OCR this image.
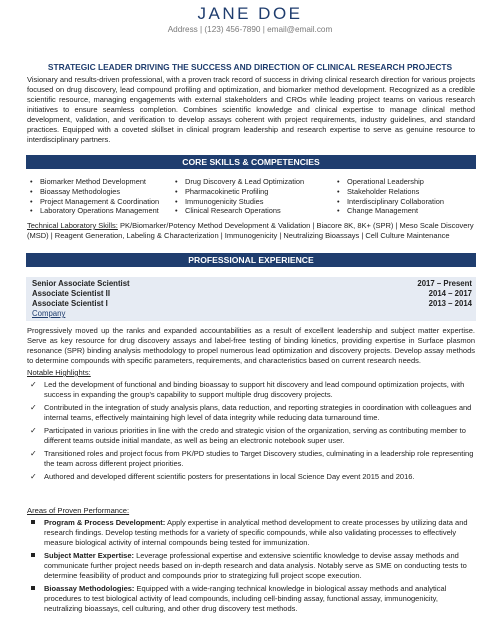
JANE DOE
Address | (123) 456-7890 | email@email.com
STRATEGIC LEADER DRIVING THE SUCCESS AND DIRECTION OF CLINICAL RESEARCH PROJECTS

Visionary and results-driven professional, with a proven track record of success in driving clinical research direction for various projects focused on drug discovery, lead compound profiling and optimization, and biomarker method development. Recognized as a credible scientific resource, managing engagements with external stakeholders and CROs while leading project teams on various research initiatives to ensure seamless completion. Combines scientific knowledge and clinical expertise to manage clinical method development, validation, and verification to develop assays coherent with project requirements, industry guidelines, and standard practices. Equipped with a coveted skillset in clinical program leadership and research expertise to serve as genuine resource to interdisciplinary partners.

CORE SKILLS & COMPETENCIES
• Biomarker Method Development
• Bioassay Methodologies
• Project Management & Coordination
• Laboratory Operations Management
• Drug Discovery & Lead Optimization
• Pharmacokinetic Profiling
• Immunogenicity Studies
• Clinical Research Operations
• Operational Leadership
• Stakeholder Relations
• Interdisciplinary Collaboration
• Change Management
Technical Laboratory Skills: PK/Biomarker/Potency Method Development & Validation | Biacore 8K, 8K+ (SPR) | Meso Scale Discovery (MSD) | Reagent Generation, Labeling & Characterization | Immunogenicity | Neutralizing Bioassays | Cell Culture Maintenance
PROFESSIONAL EXPERIENCE
Senior Associate Scientist	2017 – Present
Associate Scientist II	2014 – 2017
Associate Scientist I	2013 – 2014
Company

Progressively moved up the ranks and expanded accountabilities as a result of excellent leadership and subject matter expertise. Serve as key resource for drug discovery assays and label-free testing of binding kinetics, providing expertise in Surface plasmon resonance (SPR) binding analysis methodology to propel numerous lead optimization and discovery projects. Develop assay methods to determine compounds with specific parameters, requirements, and characteristics based on current research needs.

Notable Highlights:
✓ Led the development of functional and binding bioassay to support hit discovery and lead compound optimization projects, with success in expanding the group's capability to support multiple drug discovery projects.
✓ Contributed in the integration of study analysis plans, data reduction, and reporting strategies in coordination with colleagues and internal teams, effectively maintaining high level of data integrity while reducing data turnaround time.
✓ Participated in various priorities in line with the credo and strategic vision of the organization, serving as contributing member to different teams outside initial mandate, as well as being an electronic notebook super user.
✓ Transitioned roles and project focus from PK/PD studies to Target Discovery studies, culminating in a leadership role representing the team across different project priorities.
✓ Authored and developed different scientific posters for presentations in local Science Day event 2015 and 2016.
Areas of Proven Performance:
Program & Process Development: Apply expertise in analytical method development to create processes by utilizing data and research findings. Develop testing methods for a variety of specific compounds, while also validating processes to effectively measure biological activity of internal compounds being tested for immunization.
Subject Matter Expertise: Leverage professional expertise and extensive scientific knowledge to devise assay methods and communicate further project needs based on in-depth research and data analysis. Notably serve as SME on conducting tests to determine feasibility of product and compounds prior to strategizing full project scope execution.
Bioassay Methodologies: Equipped with a wide-ranging technical knowledge in biological assay methods and analytical procedures to test biological activity of lead compounds, including cell-binding assay, functional assay, immunogenicity, neutralizing bioassays, cell culturing, and other drug discovery test methods.
